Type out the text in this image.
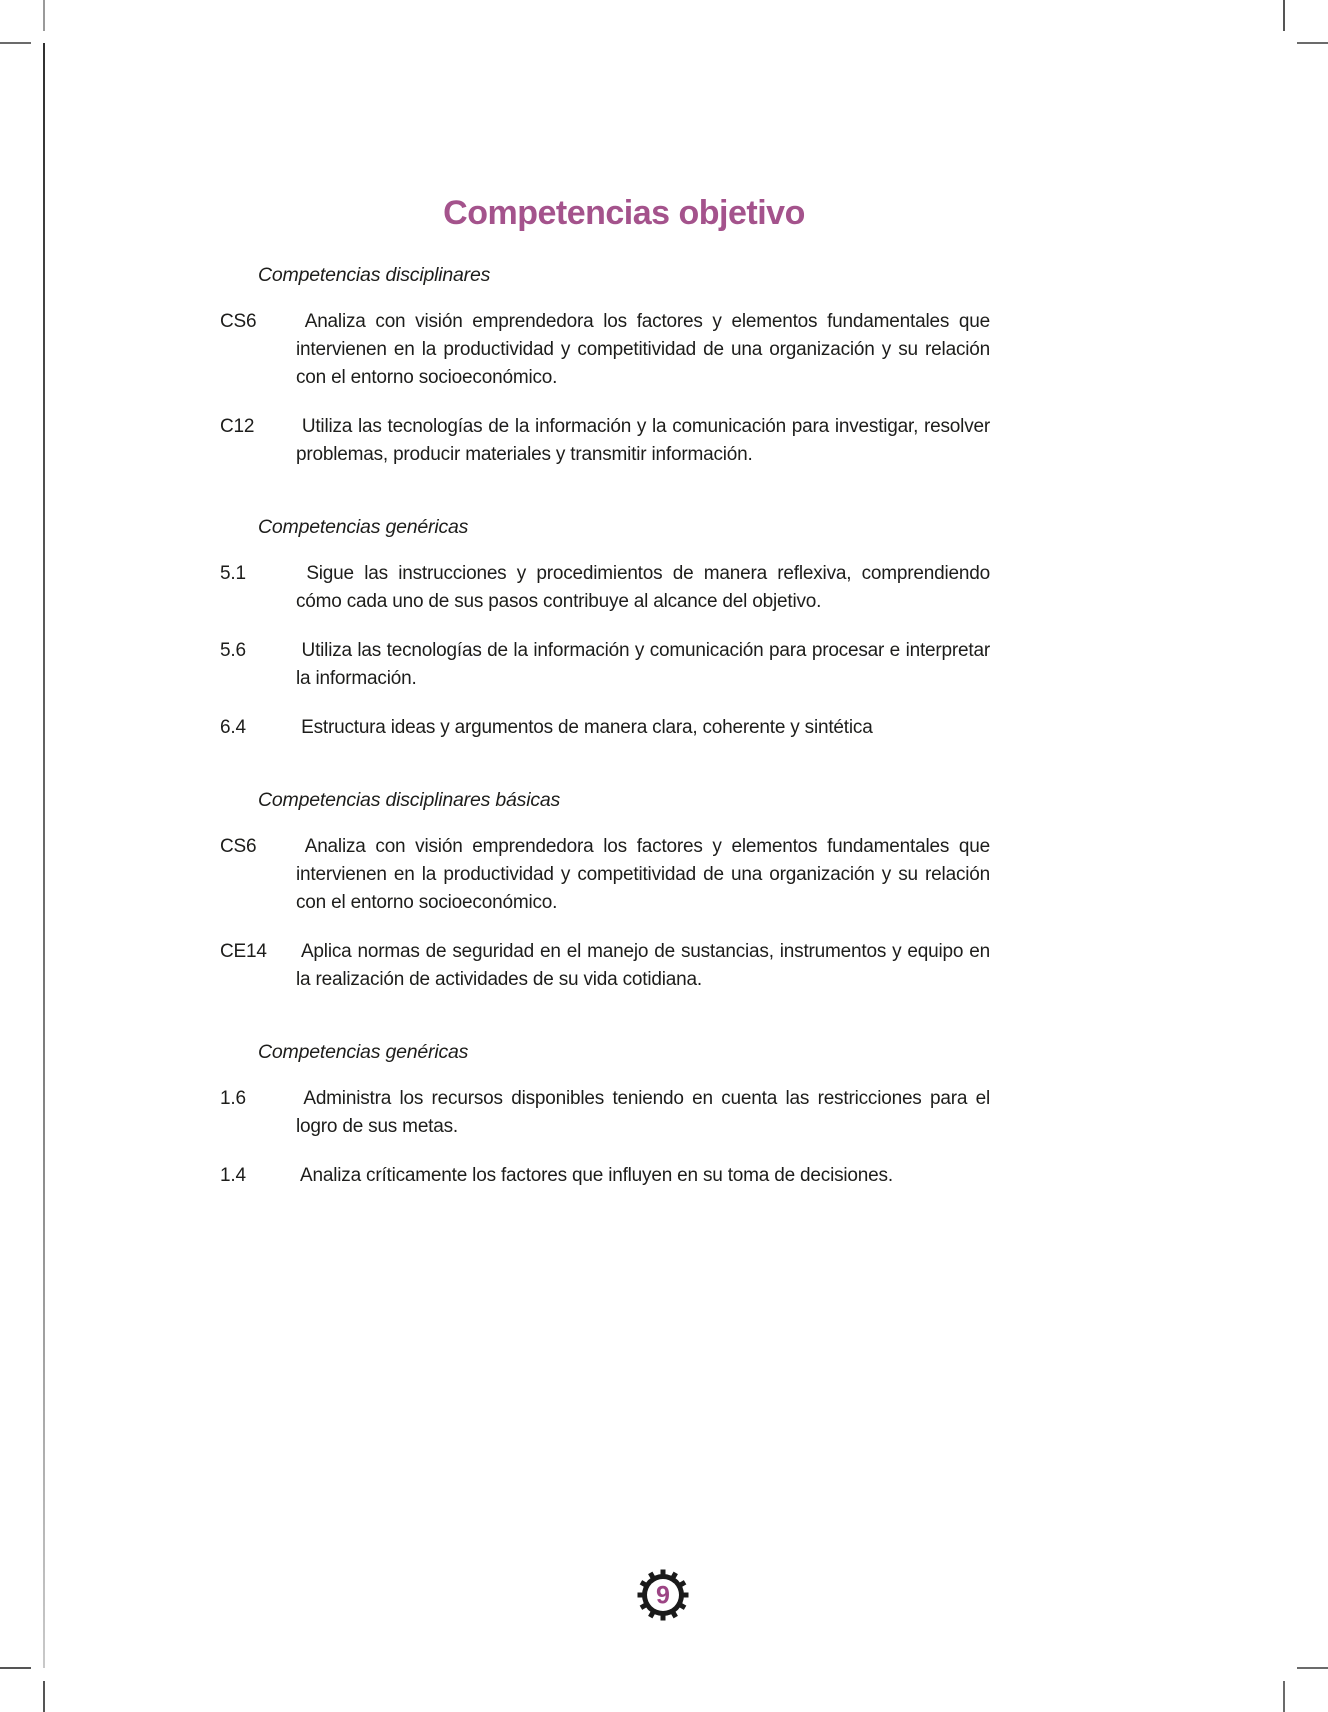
Competencias objetivo
Competencias disciplinares

CS6	Analiza con visión emprendedora los factores y elementos fundamentales que intervienen en la productividad y competitividad de una organización y su relación con el entorno socioeconómico.

C12	Utiliza las tecnologías de la información y la comunicación para investigar, resolver problemas, producir materiales y transmitir información.

Competencias genéricas

5.1	Sigue las instrucciones y procedimientos de manera reflexiva, comprendiendo cómo cada uno de sus pasos contribuye al alcance del objetivo.

5.6	Utiliza las tecnologías de la información y comunicación para procesar e interpretar la información.

6.4	Estructura ideas y argumentos de manera clara, coherente y sintética

Competencias disciplinares básicas

CS6	Analiza con visión emprendedora los factores y elementos fundamentales que intervienen en la productividad y competitividad de una organización y su relación con el entorno socioeconómico.

CE14 Aplica normas de seguridad en el manejo de sustancias, instrumentos y equipo en la realización de actividades de su vida cotidiana.

Competencias genéricas

1.6	Administra los recursos disponibles teniendo en cuenta las restricciones para el logro de sus metas.

1.4	Analiza críticamente los factores que influyen en su toma de decisiones.

9
